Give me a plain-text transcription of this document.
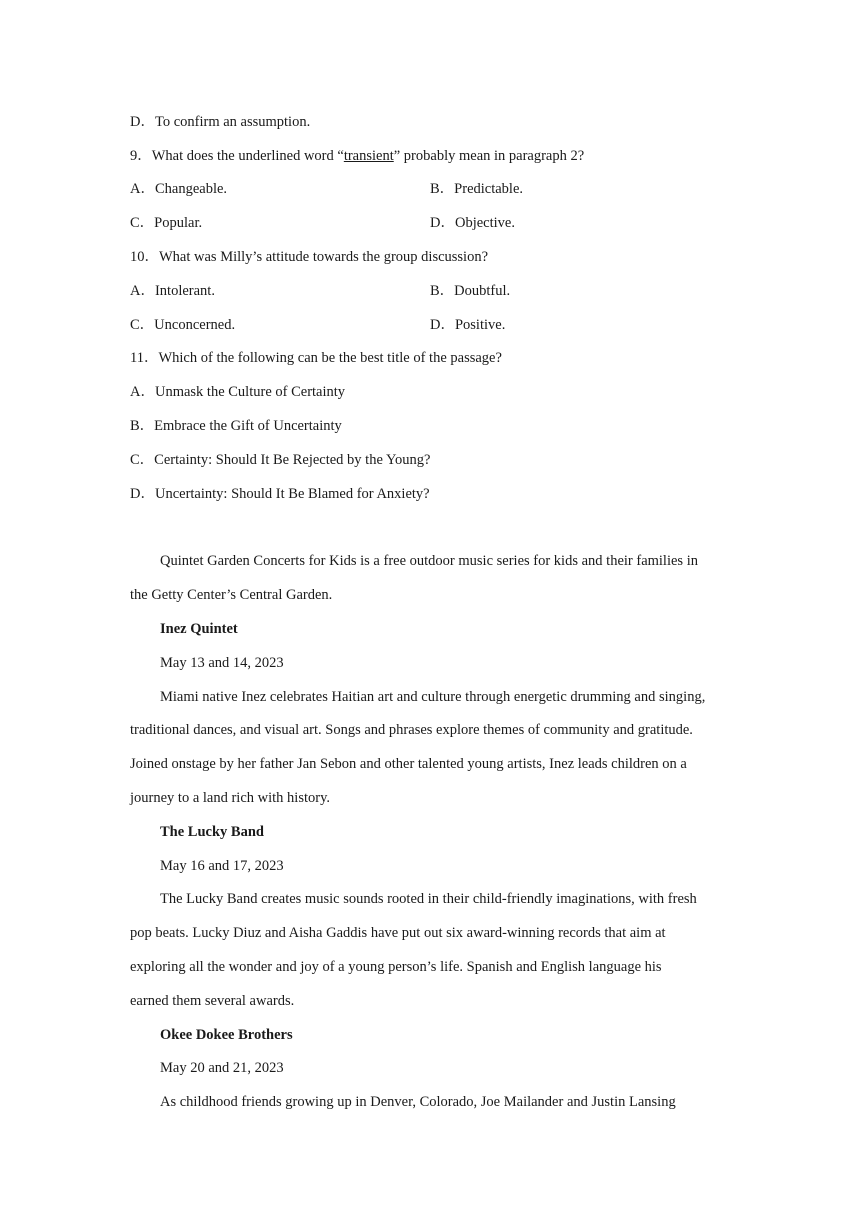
D．To confirm an assumption.
9．What does the underlined word “transient” probably mean in paragraph 2?
A．Changeable.	B．Predictable.
C．Popular.	D．Objective.
10．What was Milly’s attitude towards the group discussion?
A．Intolerant.	B．Doubtful.
C．Unconcerned.	D．Positive.
11．Which of the following can be the best title of the passage?
A．Unmask the Culture of Certainty
B．Embrace the Gift of Uncertainty
C．Certainty: Should It Be Rejected by the Young?
D．Uncertainty: Should It Be Blamed for Anxiety?
Quintet Garden Concerts for Kids is a free outdoor music series for kids and their families in
the Getty Center’s Central Garden.
Inez Quintet
May 13 and 14, 2023
Miami native Inez celebrates Haitian art and culture through energetic drumming and singing,
traditional dances, and visual art. Songs and phrases explore themes of community and gratitude.
Joined onstage by her father Jan Sebon and other talented young artists, Inez leads children on a
journey to a land rich with history.
The Lucky Band
May 16 and 17, 2023
The Lucky Band creates music sounds rooted in their child-friendly imaginations, with fresh
pop beats. Lucky Diuz and Aisha Gaddis have put out six award-winning records that aim at
exploring all the wonder and joy of a young person’s life. Spanish and English language his
earned them several awards.
Okee Dokee Brothers
May 20 and 21, 2023
As childhood friends growing up in Denver, Colorado, Joe Mailander and Justin Lansing
